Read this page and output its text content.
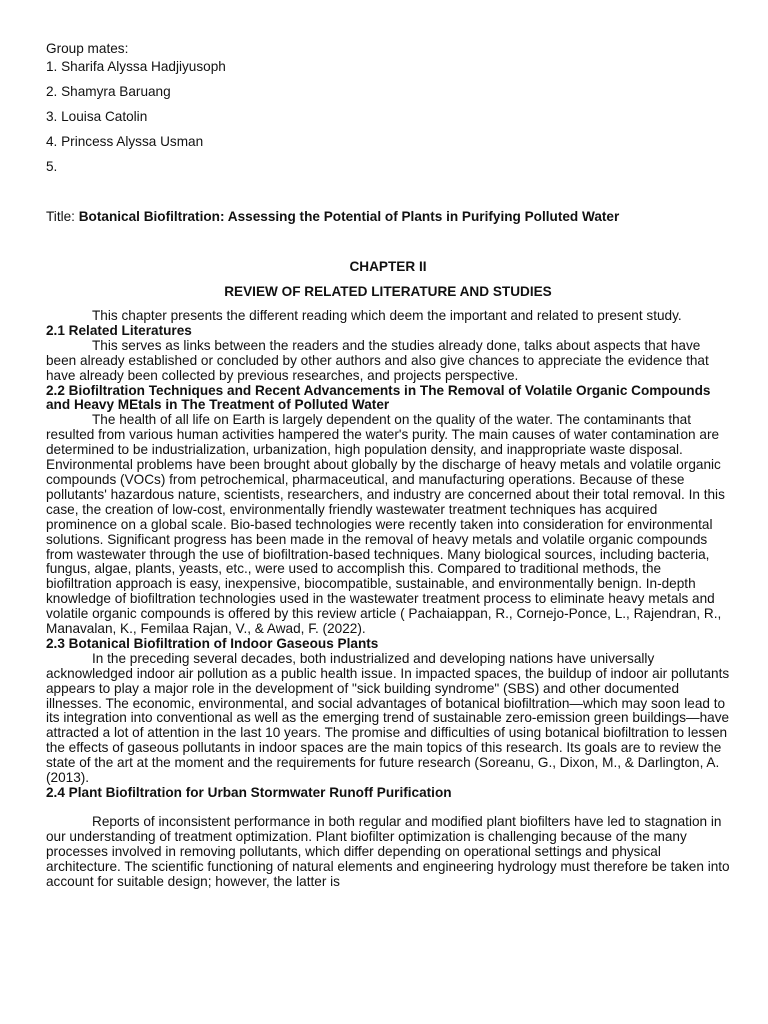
Group mates:
1. Sharifa Alyssa Hadjiyusoph
2. Shamyra Baruang
3. Louisa Catolin
4. Princess Alyssa Usman
5.
Title: Botanical Biofiltration: Assessing the Potential of Plants in Purifying Polluted Water
CHAPTER II
REVIEW OF RELATED LITERATURE AND STUDIES

This chapter presents the different reading which deem the important and related to present study.

2.1 Related Literatures

This serves as links between the readers and the studies already done, talks about aspects that have been already established or concluded by other authors and also give chances to appreciate the evidence that have already been collected by previous researches, and projects perspective.

2.2 Biofiltration Techniques and Recent Advancements in The Removal of Volatile Organic Compounds and Heavy MEtals in The Treatment of Polluted Water

The health of all life on Earth is largely dependent on the quality of the water. The contaminants that resulted from various human activities hampered the water's purity. The main causes of water contamination are determined to be industrialization, urbanization, high population density, and inappropriate waste disposal. Environmental problems have been brought about globally by the discharge of heavy metals and volatile organic compounds (VOCs) from petrochemical, pharmaceutical, and manufacturing operations. Because of these pollutants' hazardous nature, scientists, researchers, and industry are concerned about their total removal. In this case, the creation of low-cost, environmentally friendly wastewater treatment techniques has acquired prominence on a global scale. Bio-based technologies were recently taken into consideration for environmental solutions. Significant progress has been made in the removal of heavy metals and volatile organic compounds from wastewater through the use of biofiltration-based techniques. Many biological sources, including bacteria, fungus, algae, plants, yeasts, etc., were used to accomplish this. Compared to traditional methods, the biofiltration approach is easy, inexpensive, biocompatible, sustainable, and environmentally benign. In-depth knowledge of biofiltration technologies used in the wastewater treatment process to eliminate heavy metals and volatile organic compounds is offered by this review article ( Pachaiappan, R., Cornejo-Ponce, L., Rajendran, R., Manavalan, K., Femilaa Rajan, V., & Awad, F. (2022).

2.3 Botanical Biofiltration of Indoor Gaseous Plants

In the preceding several decades, both industrialized and developing nations have universally acknowledged indoor air pollution as a public health issue. In impacted spaces, the buildup of indoor air pollutants appears to play a major role in the development of "sick building syndrome" (SBS) and other documented illnesses. The economic, environmental, and social advantages of botanical biofiltration—which may soon lead to its integration into conventional as well as the emerging trend of sustainable zero-emission green buildings—have attracted a lot of attention in the last 10 years. The promise and difficulties of using botanical biofiltration to lessen the effects of gaseous pollutants in indoor spaces are the main topics of this research. Its goals are to review the state of the art at the moment and the requirements for future research (Soreanu, G., Dixon, M., & Darlington, A. (2013).

2.4 Plant Biofiltration for Urban Stormwater Runoff Purification

Reports of inconsistent performance in both regular and modified plant biofilters have led to stagnation in our understanding of treatment optimization. Plant biofilter optimization is challenging because of the many processes involved in removing pollutants, which differ depending on operational settings and physical architecture. The scientific functioning of natural elements and engineering hydrology must therefore be taken into account for suitable design; however, the latter is
